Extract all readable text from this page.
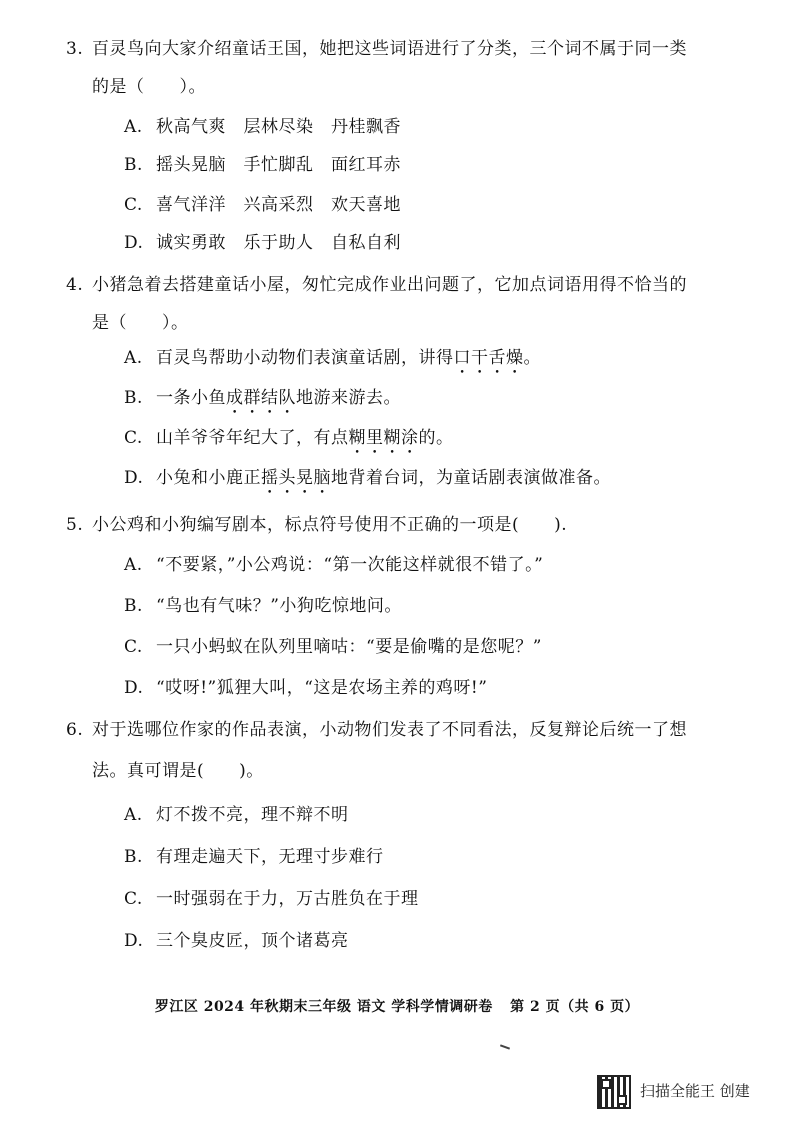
3. 百灵鸟向大家介绍童话王国，她把这些词语进行了分类，三个词不属于同一类
的是（　　）。
A. 秋高气爽　层林尽染　丹桂飘香
B. 摇头晃脑　手忙脚乱　面红耳赤
C. 喜气洋洋　兴高采烈　欢天喜地
D. 诚实勇敢　乐于助人　自私自利
4. 小猪急着去搭建童话小屋，匆忙完成作业出问题了，它加点词语用得不恰当的
是（　　）。
A. 百灵鸟帮助小动物们表演童话剧，讲得口干舌燥。
B. 一条小鱼成群结队地游来游去。
C. 山羊爷爷年纪大了，有点糊里糊涂的。
D. 小兔和小鹿正摇头晃脑地背着台词，为童话剧表演做准备。
5. 小公鸡和小狗编写剧本，标点符号使用不正确的一项是(　　).
A. “不要紧，”小公鸡说：“第一次能这样就很不错了。”
B. “鸟也有气味？”小狗吃惊地问。
C. 一只小蚂蚁在队列里嘀咕：“要是偷嘴的是您呢？”
D. “哎呀!”狐狸大叫，“这是农场主养的鸡呀!”
6. 对于选哪位作家的作品表演，小动物们发表了不同看法，反复辩论后统一了想
法。真可谓是(　　)。
A. 灯不拨不亮，理不辩不明
B. 有理走遍天下，无理寸步难行
C. 一时强弱在于力，万古胜负在于理
D. 三个臭皮匠，顶个诸葛亮
罗江区 2024 年秋期末三年级 语文 学科学情调研卷 第 2 页（共 6 页）
扫描全能王 创建
